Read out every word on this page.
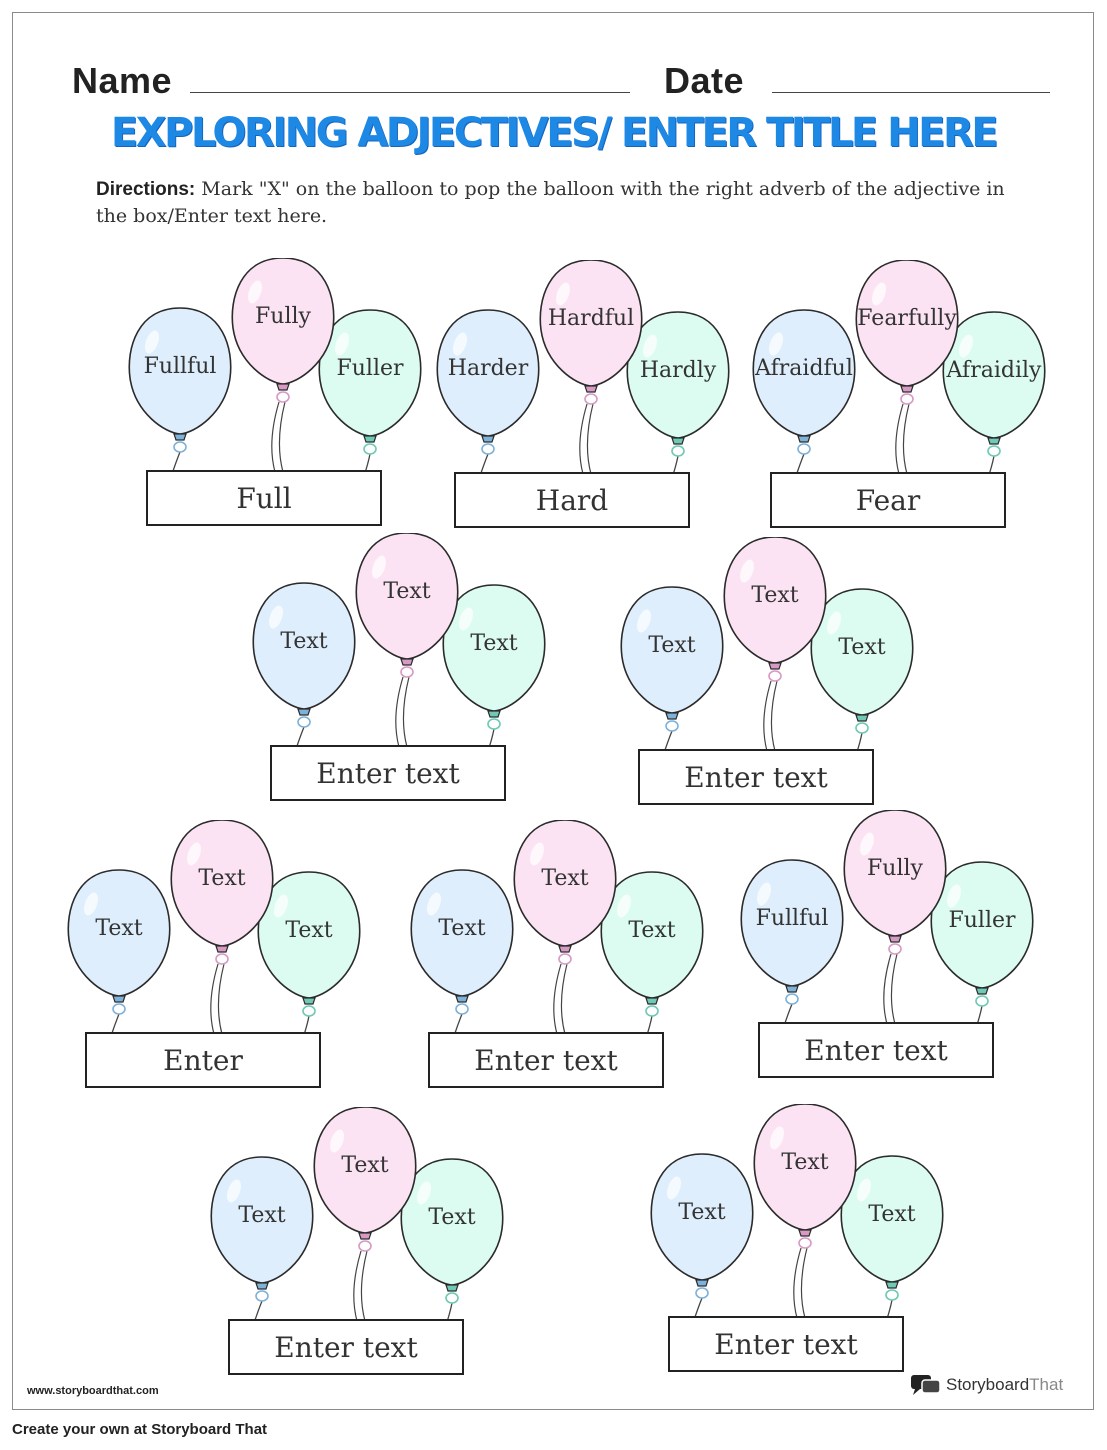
Name	Date
EXPLORING ADJECTIVES/ ENTER TITLE HERE
Directions: Mark "X" on the balloon to pop the balloon with the right adverb of the adjective in the box/Enter text here.
Fullful
Fully
Fuller
Full
Harder
Hardful
Hardly
Hard
Afraidful
Fearfully
Afraidily
Fear
Text
Text
Text
Enter text
Text
Text
Text
Enter text
Text
Text
Text
Enter
Text
Text
Text
Enter text
Fullful
Fully
Fuller
Enter text
Text
Text
Text
Enter text
Text
Text
Text
Enter text
www.storyboardthat.com	Storyboard That
Create your own at Storyboard That
